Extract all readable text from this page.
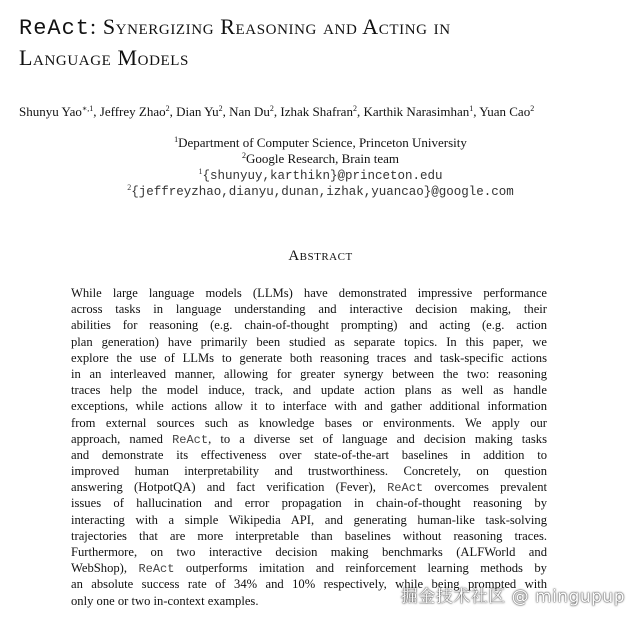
ReAct: Synergizing Reasoning and Acting in
Language Models
Shunyu Yao$^{∗,1}$, Jeffrey Zhao$^2$, Dian Yu$^2$, Nan Du$^2$, Izhak Shafran$^2$, Karthik Narasimhan$^1$, Yuan Cao$^2$
$^1$Department of Computer Science, Princeton University
$^2$Google Research, Brain team
$^1${shunyuy,karthikn}@princeton.edu
$^2${jeffreyzhao,dianyu,dunan,izhak,yuancao}@google.com
Abstract
While large language models (LLMs) have demonstrated impressive performance
across tasks in language understanding and interactive decision making, their
abilities for reasoning (e.g. chain-of-thought prompting) and acting (e.g. action
plan generation) have primarily been studied as separate topics. In this paper, we
explore the use of LLMs to generate both reasoning traces and task-specific actions
in an interleaved manner, allowing for greater synergy between the two: reasoning
traces help the model induce, track, and update action plans as well as handle
exceptions, while actions allow it to interface with and gather additional information
from external sources such as knowledge bases or environments. We apply our
approach, named ReAct, to a diverse set of language and decision making tasks
and demonstrate its effectiveness over state-of-the-art baselines in addition to
improved human interpretability and trustworthiness. Concretely, on question
answering (HotpotQA) and fact verification (Fever), ReAct overcomes prevalent
issues of hallucination and error propagation in chain-of-thought reasoning by
interacting with a simple Wikipedia API, and generating human-like task-solving
trajectories that are more interpretable than baselines without reasoning traces.
Furthermore, on two interactive decision making benchmarks (ALFWorld and
WebShop), ReAct outperforms imitation and reinforcement learning methods by
an absolute success rate of 34% and 10% respectively, while being prompted with
only one or two in-context examples.	掘金技术社区 @ mingupup
